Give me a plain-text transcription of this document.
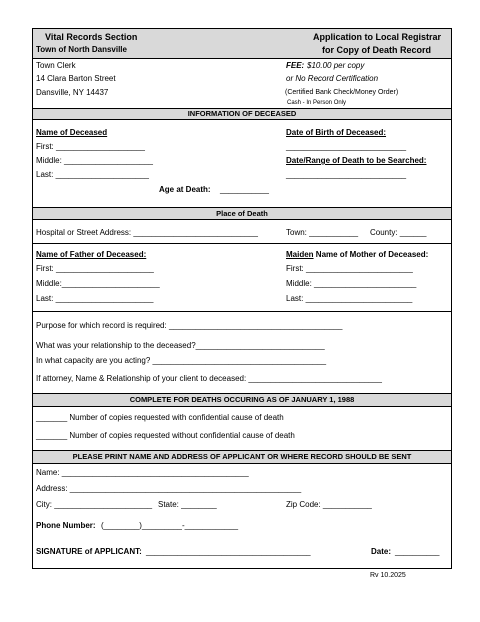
Vital Records Section
Town of North Dansville
Application to Local Registrar
for Copy of Death Record
Town Clerk
14 Clara Barton Street
Dansville, NY 14437
FEE: $10.00 per copy
or No Record Certification
(Certified Bank Check/Money Order)
Cash - In Person Only
INFORMATION OF DECEASED
Name of Deceased
First: ____________________
Middle: ____________________
Last: _____________________
Date of Birth of Deceased:
___________________________
Date/Range of Death to be Searched:
___________________________
Age at Death: ___________
Place of Death
Hospital or Street Address: ____________________________	Town: ___________ County: ______
Name of Father of Deceased:
First: ______________________
Middle:______________________
Last: ______________________
Maiden Name of Mother of Deceased:
First: ________________________
Middle: _______________________
Last: ________________________
Purpose for which record is required: _______________________________________
What was your relationship to the deceased?_____________________________
In what capacity are you acting? _______________________________________
If attorney, Name & Relationship of your client to deceased: ______________________________
COMPLETE FOR DEATHS OCCURING AS OF JANUARY 1, 1988
_______ Number of copies requested with confidential cause of death
_______ Number of copies requested without confidential cause of death
PLEASE PRINT NAME AND ADDRESS OF APPLICANT OR WHERE RECORD SHOULD BE SENT
Name: __________________________________________
Address: ____________________________________________________
City: ______________________ State: ________	Zip Code: ___________
Phone Number: (________)_________-____________
SIGNATURE of APPLICANT: _____________________________________	Date: __________
Rv 10.2025
